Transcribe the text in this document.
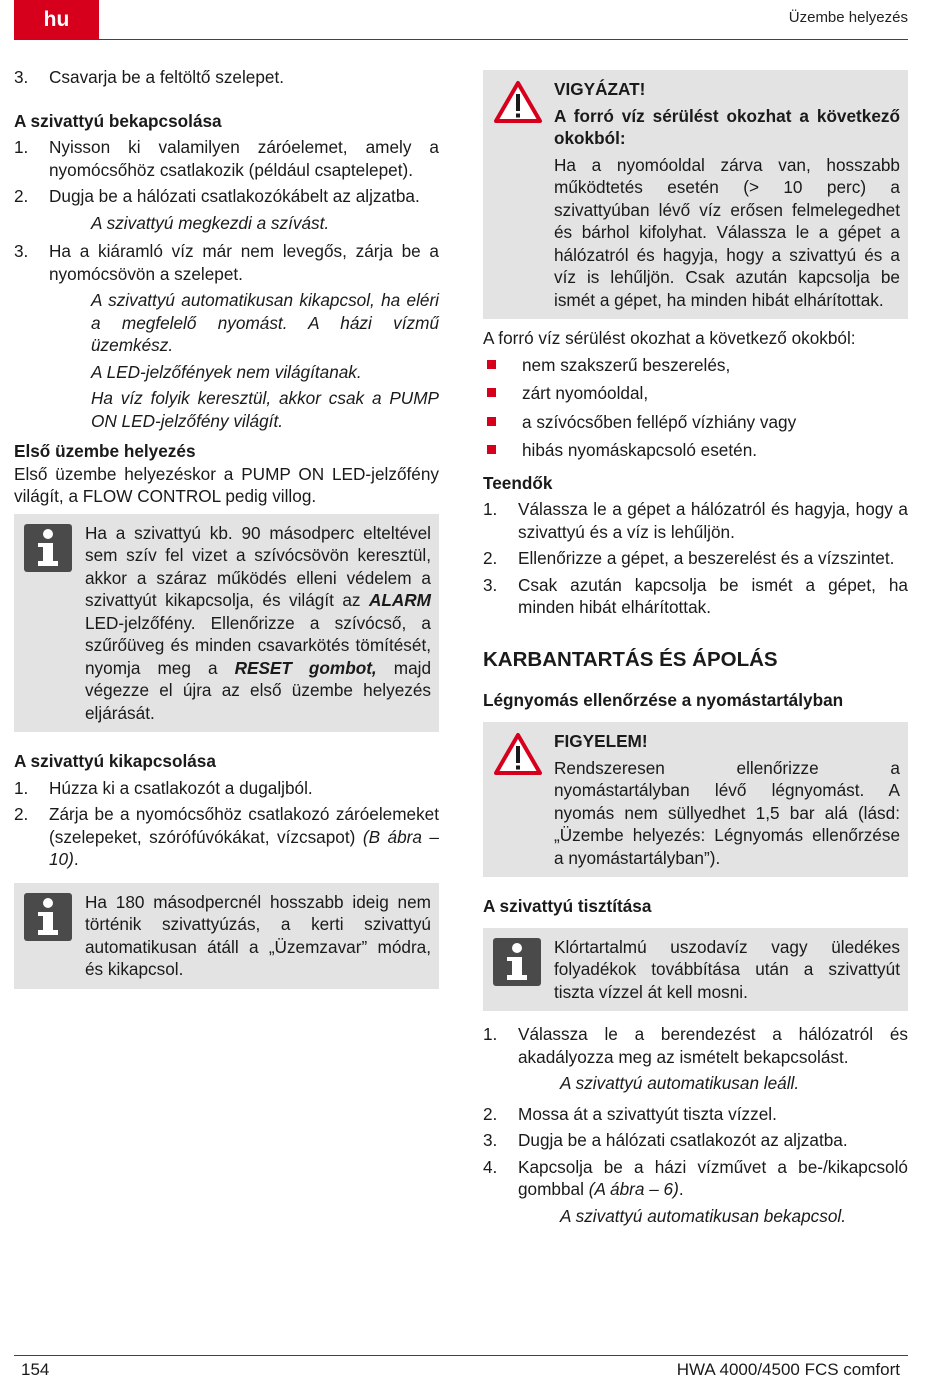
hu	Üzembe helyezés
3.	Csavarja be a feltöltő szelepet.
A szivattyú bekapcsolása
1.	Nyisson ki valamilyen záróelemet, amely a nyomócsőhöz csatlakozik (például csaptelepet).
2.	Dugja be a hálózati csatlakozókábelt az aljzatba.
A szivattyú megkezdi a szívást.
3.	Ha a kiáramló víz már nem levegős, zárja be a nyomócsövön a szelepet.
A szivattyú automatikusan kikapcsol, ha eléri a megfelelő nyomást. A házi vízmű üzemkész.
A LED-jelzőfények nem világítanak.
Ha víz folyik keresztül, akkor csak a PUMP ON LED-jelzőfény világít.
Első üzembe helyezés

Első üzembe helyezéskor a PUMP ON LED-jelzőfény világít, a FLOW CONTROL pedig villog.

Ha a szivattyú kb. 90 másodperc elteltével sem szív fel vizet a szívócsövön keresztül, akkor a száraz működés elleni védelem a szivattyút kikapcsolja, és világít az ALARM LED-jelzőfény. Ellenőrizze a szívócső, a szűrőüveg és minden csavarkötés tömítését, nyomja meg a RESET gombot, majd végezze el újra az első üzembe helyezés eljárását.

A szivattyú kikapcsolása
1.	Húzza ki a csatlakozót a dugaljból.
2.	Zárja be a nyomócsőhöz csatlakozó záróelemeket (szelepeket, szórófúvókákat, vízcsapot) (B ábra – 10).

Ha 180 másodpercnél hosszabb ideig nem történik szivattyúzás, a kerti szivattyú automatikusan átáll a „Üzemzavar” módra, és kikapcsol.

VIGYÁZAT!
A forró víz sérülést okozhat a következő okokból:

Ha a nyomóoldal zárva van, hosszabb működtetés esetén (> 10 perc) a szivattyúban lévő víz erősen felmelegedhet és bárhol kifolyhat. Válassza le a gépet a hálózatról és hagyja, hogy a szivattyú és a víz is lehűljön. Csak azután kapcsolja be ismét a gépet, ha minden hibát elhárítottak.

A forró víz sérülést okozhat a következő okokból:

nem szakszerű beszerelés,
zárt nyomóoldal,
a szívócsőben fellépő vízhiány vagy
hibás nyomáskapcsoló esetén.
Teendők
1.	Válassza le a gépet a hálózatról és hagyja, hogy a szivattyú és a víz is lehűljön.
2.	Ellenőrizze a gépet, a beszerelést és a vízszintet.
3.	Csak azután kapcsolja be ismét a gépet, ha minden hibát elhárítottak.
KARBANTARTÁS ÉS ÁPOLÁS
Légnyomás ellenőrzése a nyomástartályban
FIGYELEM!

Rendszeresen ellenőrizze a nyomástartályban lévő légnyomást. A nyomás nem süllyedhet 1,5 bar alá (lásd: „Üzembe helyezés: Légnyomás ellenőrzése a nyomástartályban”).

A szivattyú tisztítása

Klórtartalmú uszodavíz vagy üledékes folyadékok továbbítása után a szivattyút tiszta vízzel át kell mosni.

1.	Válassza le a berendezést a hálózatról és akadályozza meg az ismételt bekapcsolást.
A szivattyú automatikusan leáll.
2.	Mossa át a szivattyút tiszta vízzel.
3.	Dugja be a hálózati csatlakozót az aljzatba.
4.	Kapcsolja be a házi vízművet a be-/kikapcsoló gombbal (A ábra – 6).
A szivattyú automatikusan bekapcsol.
154	HWA 4000/4500 FCS comfort
